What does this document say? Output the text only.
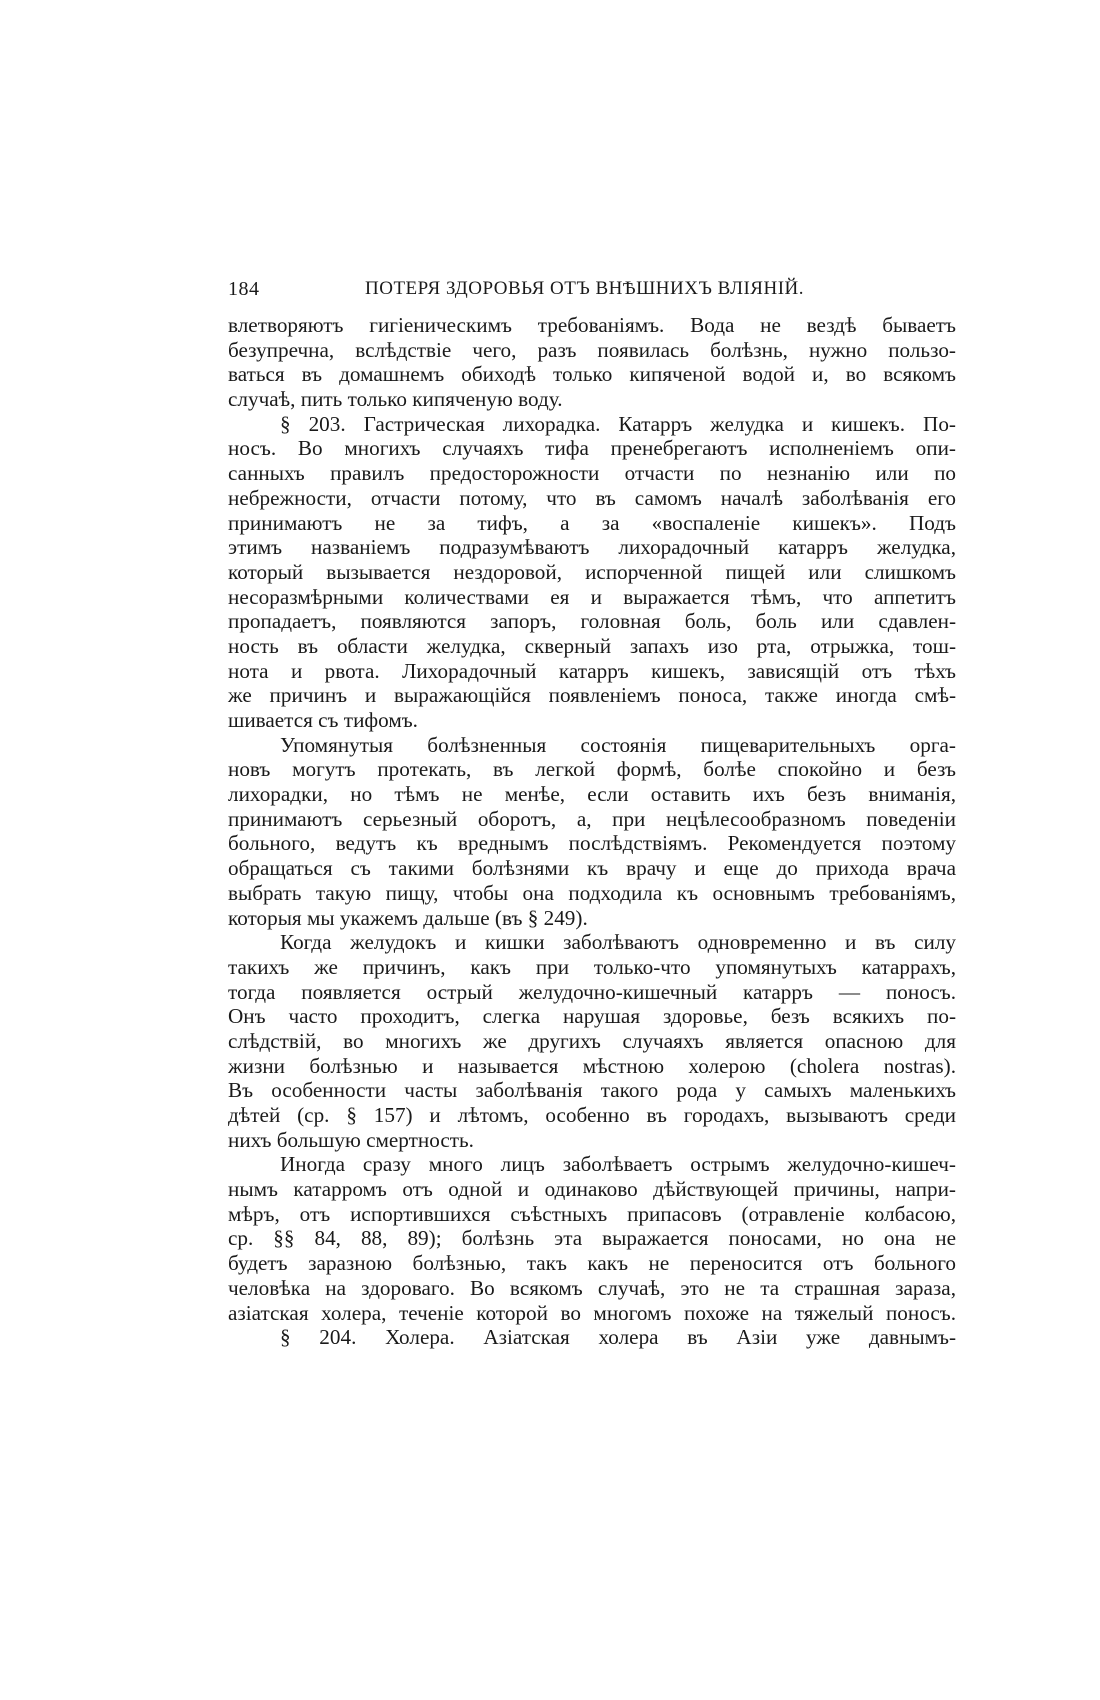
184	ПОТЕРЯ ЗДОРОВЬЯ ОТЪ ВНѢШНИХЪ ВЛІЯНІЙ.
влетворяютъ гигіеническимъ требованіямъ. Вода не вездѣ бываетъ
безупречна, вслѣдствіе чего, разъ появилась болѣзнь, нужно пользо-
ваться въ домашнемъ обиходѣ только кипяченой водой и, во всякомъ
случаѣ, пить только кипяченую воду.
§ 203. Гастрическая лихорадка. Катарръ желудка и кишекъ. По-
носъ. Во многихъ случаяхъ тифа пренебрегаютъ исполненіемъ опи-
санныхъ правилъ предосторожности отчасти по незнанію или по
небрежности, отчасти потому, что въ самомъ началѣ заболѣванія его
принимаютъ не за тифъ, а за «воспаленіе кишекъ». Подъ
этимъ названіемъ подразумѣваютъ лихорадочный катарръ желудка,
который вызывается нездоровой, испорченной пищей или слишкомъ
несоразмѣрными количествами ея и выражается тѣмъ, что аппетитъ
пропадаетъ, появляются запоръ, головная боль, боль или сдавлен-
ность въ области желудка, скверный запахъ изо рта, отрыжка, тош-
нота и рвота. Лихорадочный катарръ кишекъ, зависящій отъ тѣхъ
же причинъ и выражающійся появленіемъ поноса, также иногда смѣ-
шивается съ тифомъ.
Упомянутыя болѣзненныя состоянія пищеварительныхъ орга-
новъ могутъ протекать, въ легкой формѣ, болѣе спокойно и безъ
лихорадки, но тѣмъ не менѣе, если оставить ихъ безъ вниманія,
принимаютъ серьезный оборотъ, а, при нецѣлесообразномъ поведеніи
больного, ведутъ къ вреднымъ послѣдствіямъ. Рекомендуется поэтому
обращаться съ такими болѣзнями къ врачу и еще до прихода врача
выбрать такую пищу, чтобы она подходила къ основнымъ требованіямъ,
которыя мы укажемъ дальше (въ § 249).
Когда желудокъ и кишки заболѣваютъ одновременно и въ силу
такихъ же причинъ, какъ при только-что упомянутыхъ катаррахъ,
тогда появляется острый желудочно-кишечный катарръ — поносъ.
Онъ часто проходитъ, слегка нарушая здоровье, безъ всякихъ по-
слѣдствій, во многихъ же другихъ случаяхъ является опасною для
жизни болѣзнью и называется мѣстною холерою (cholera nostras).
Въ особенности часты заболѣванія такого рода у самыхъ маленькихъ
дѣтей (ср. § 157) и лѣтомъ, особенно въ городахъ, вызываютъ среди
нихъ большую смертность.
Иногда сразу много лицъ заболѣваетъ острымъ желудочно-кишеч-
нымъ катарромъ отъ одной и одинаково дѣйствующей причины, напри-
мѣръ, отъ испортившихся съѣстныхъ припасовъ (отравленіе колбасою,
ср. §§ 84, 88, 89); болѣзнь эта выражается поносами, но она не
будетъ заразною болѣзнью, такъ какъ не переносится отъ больного
человѣка на здороваго. Во всякомъ случаѣ, это не та страшная зараза,
азіатская холера, теченіе которой во многомъ похоже на тяжелый поносъ.
§ 204. Холера. Азіатская холера въ Азіи уже давнымъ-
